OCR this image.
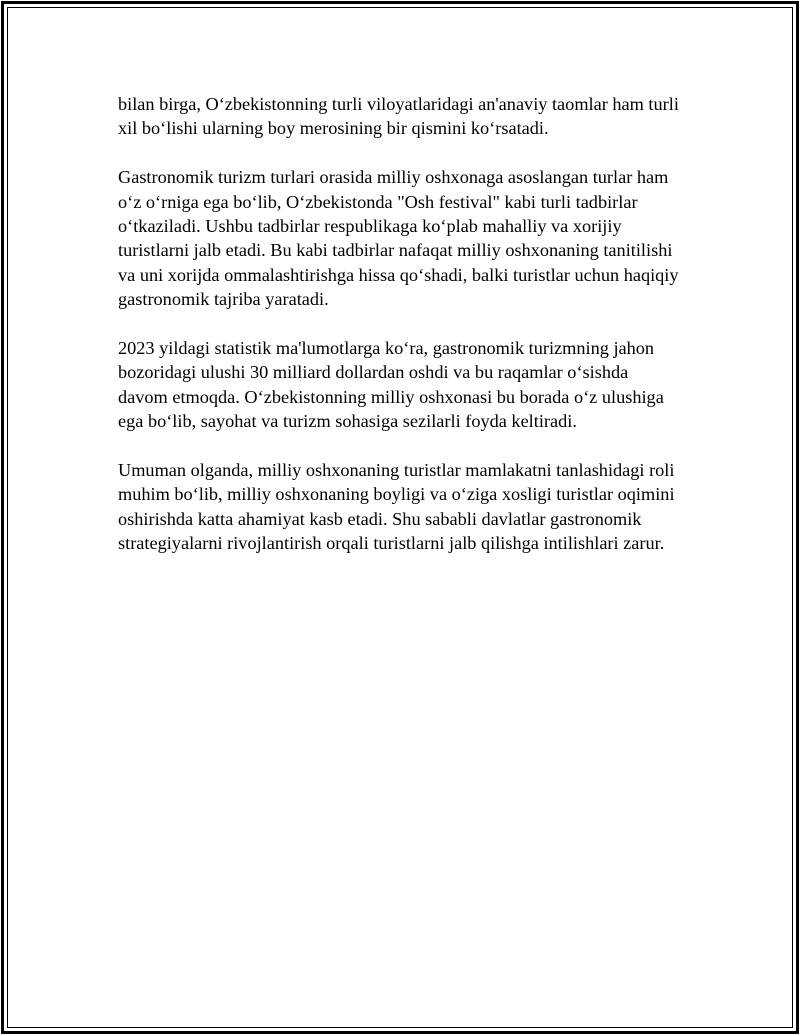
bilan birga, O‘zbekistonning turli viloyatlaridagi an'anaviy taomlar ham turli
xil bo‘lishi ularning boy merosining bir qismini ko‘rsatadi.

Gastronomik turizm turlari orasida milliy oshxonaga asoslangan turlar ham
o‘z o‘rniga ega bo‘lib, O‘zbekistonda "Osh festival" kabi turli tadbirlar
o‘tkaziladi. Ushbu tadbirlar respublikaga ko‘plab mahalliy va xorijiy
turistlarni jalb etadi. Bu kabi tadbirlar nafaqat milliy oshxonaning tanitilishi
va uni xorijda ommalashtirishga hissa qo‘shadi, balki turistlar uchun haqiqiy
gastronomik tajriba yaratadi.

2023 yildagi statistik ma'lumotlarga ko‘ra, gastronomik turizmning jahon
bozoridagi ulushi 30 milliard dollardan oshdi va bu raqamlar o‘sishda
davom etmoqda. O‘zbekistonning milliy oshxonasi bu borada o‘z ulushiga
ega bo‘lib, sayohat va turizm sohasiga sezilarli foyda keltiradi.

Umuman olganda, milliy oshxonaning turistlar mamlakatni tanlashidagi roli
muhim bo‘lib, milliy oshxonaning boyligi va o‘ziga xosligi turistlar oqimini
oshirishda katta ahamiyat kasb etadi. Shu sababli davlatlar gastronomik
strategiyalarni rivojlantirish orqali turistlarni jalb qilishga intilishlari zarur.
